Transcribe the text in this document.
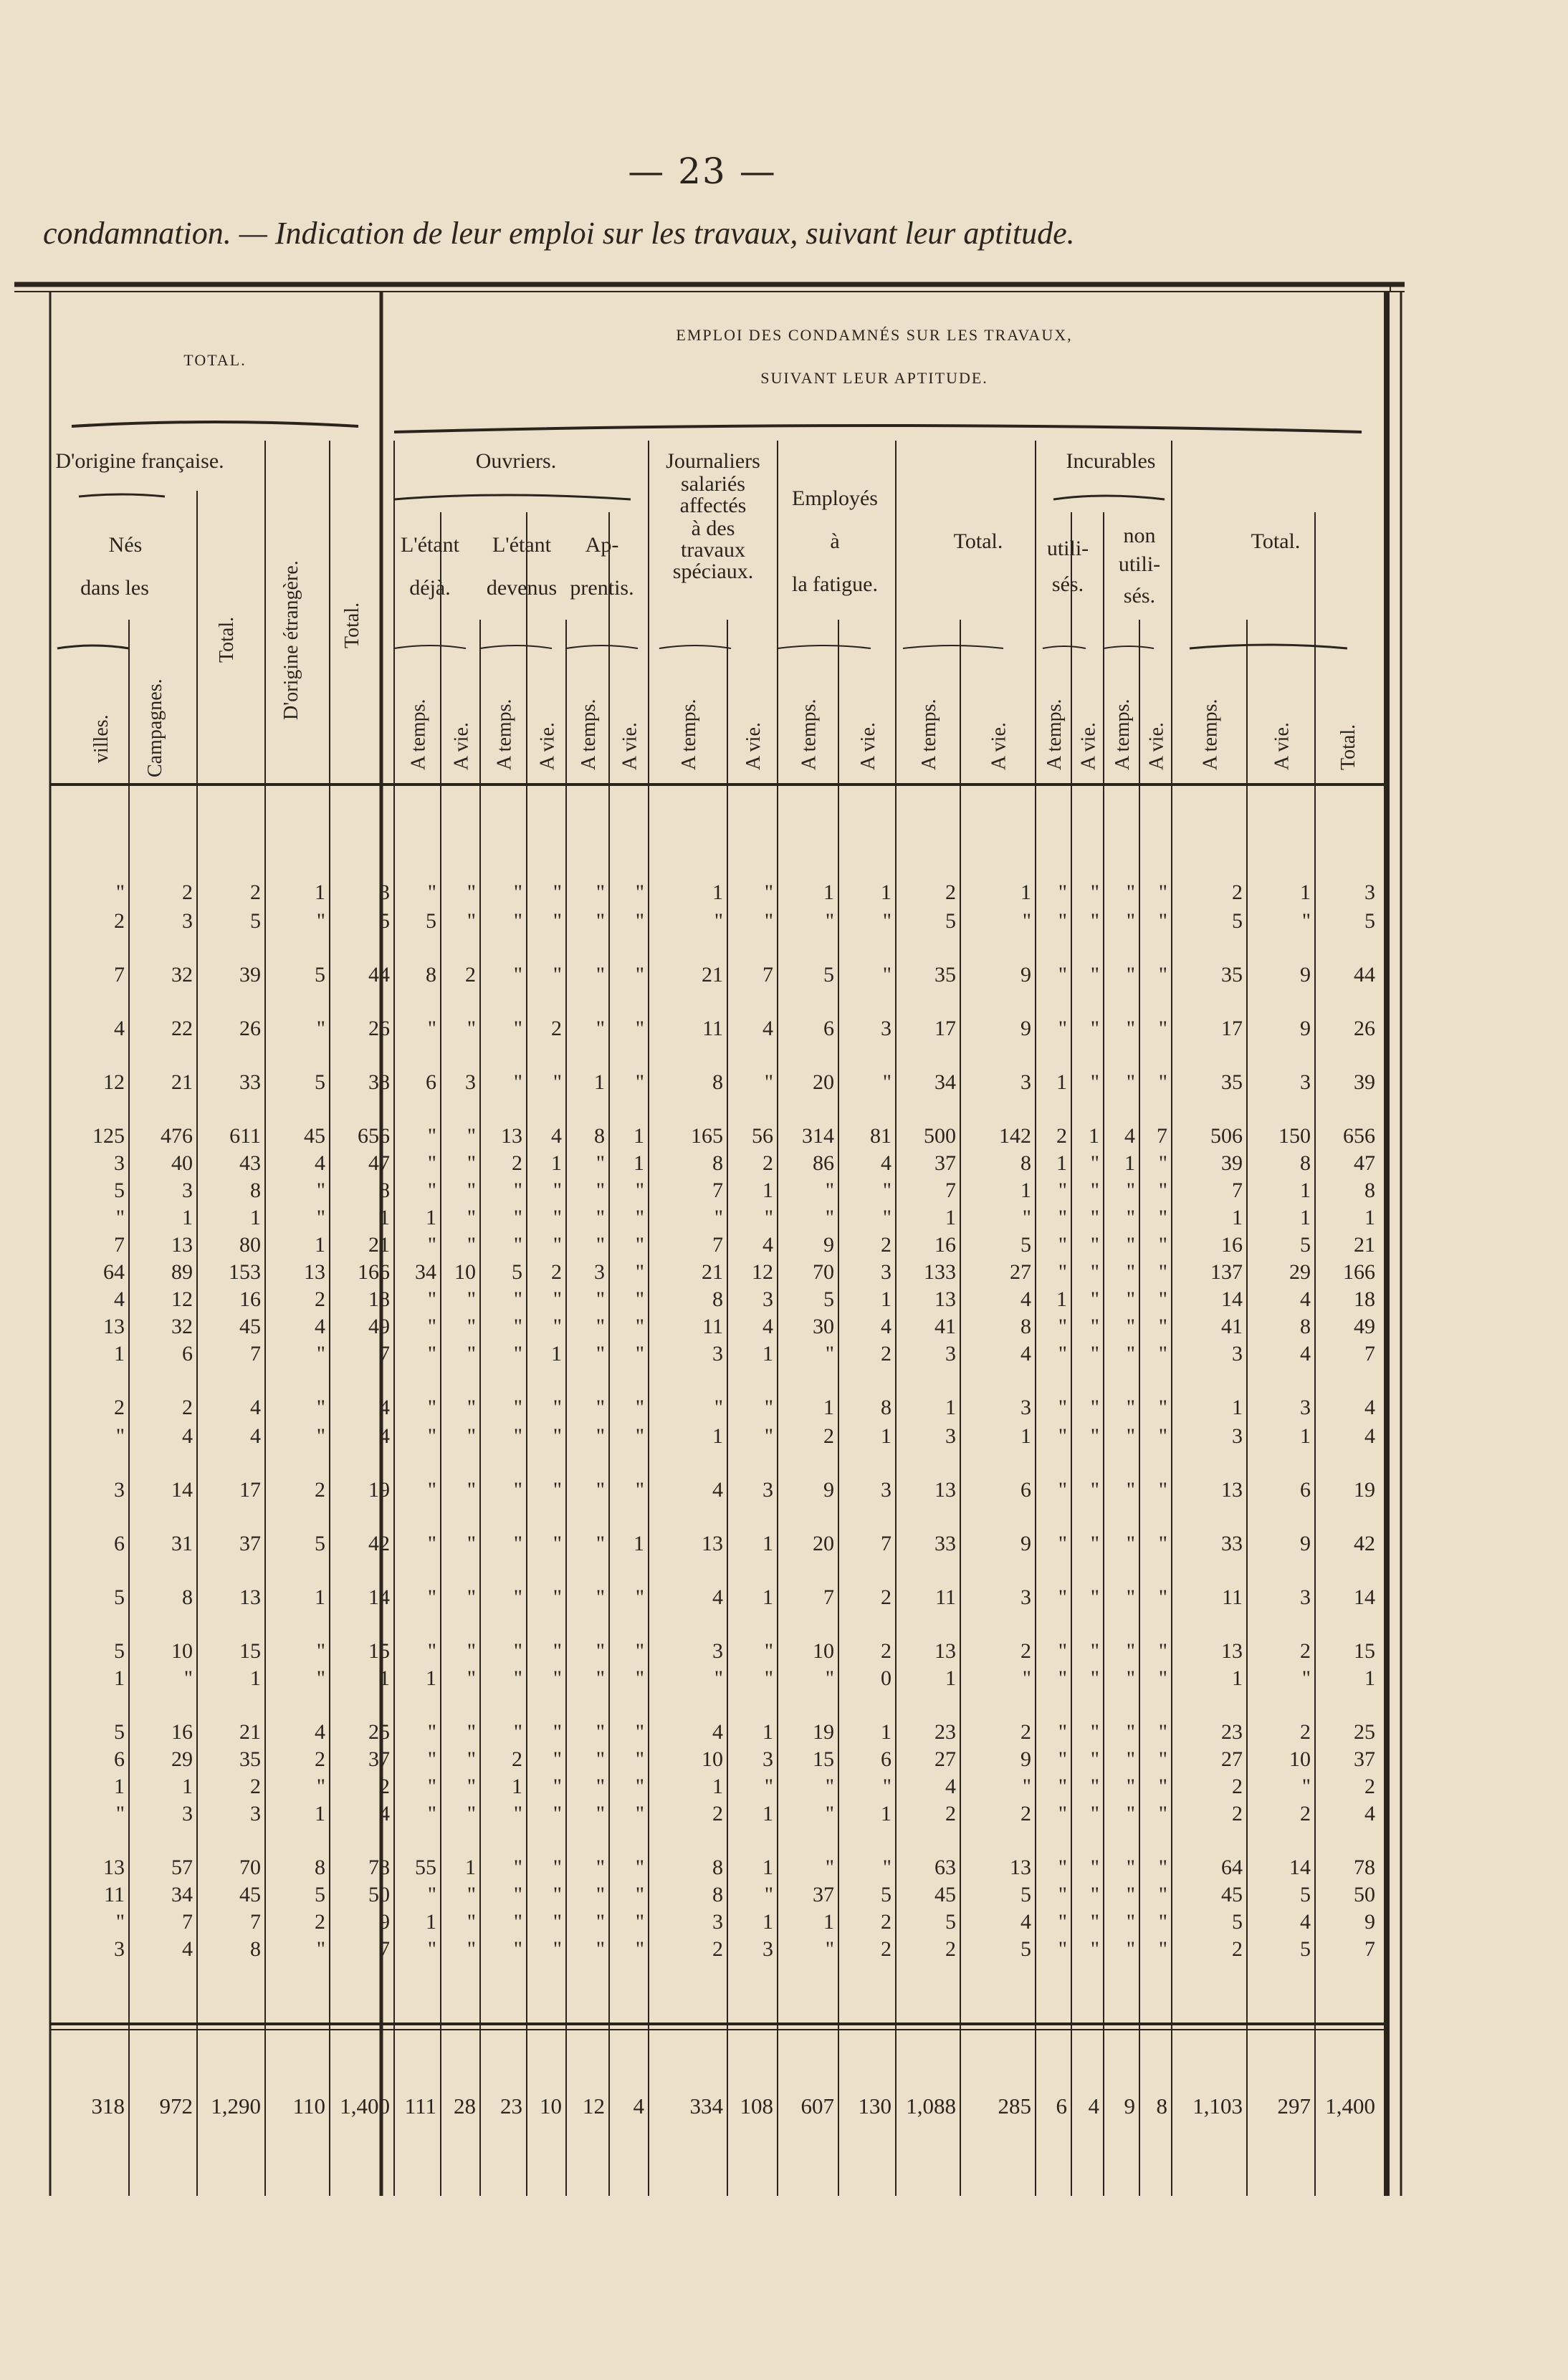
— 23 —
condamnation. — Indication de leur emploi sur les travaux, suivant leur aptitude.
TOTAL.
EMPLOI DES CONDAMNÉS SUR LES TRAVAUX,
SUIVANT LEUR APTITUDE.
D'origine française.
Nés
dans les
villes. Campagnes.
Total. D'origine étrangère. Total.
Ouvriers.
L'étant
déjà.
L'étant
devenus
Ap-
prentis.
Journaliers
salariés
affectés
à des
travaux
spéciaux.
Employés
à
la fatigue.
Total.
Incurables
utili-
sés.
non
utili-
sés.
Total.
A temps. A vie. A temps. A vie. A temps. A vie. A temps. A vie. A temps. A vie. A temps. A vie. A temps. A vie. A temps. A vie. A temps. A vie. Total.
"	2	2	1	3 " " " " " "	1 " 1 1	2	1 " " " "	2	1	3
2	3	5	"	5 5 " " " " "	" " " "	5	" " " " "	5	"	5
7 32 39	5 44 8 2 " " " "	21 7 5 " 35	9 " " " "	35	9 44
4 22 26	" 26 " " " 2 " "	11 4 6 3 17	9 " " " "	17	9 26
12 21 33	5 38 6 3 " " 1 "	8 " 20 " 34	3 1 " " "	35	3 39
125 476 611 45 656 " " 13 4 8 1 165 56 314 81 500 142 2 1 4 7 506 150 656
3 40 43	4 47 " " 2 1 " 1	8 2 86 4 37	8 1 " 1 "	39	8 47
5	3	8	"	8 " " " " " "	7 1 " "	7	1 " " " "	7	1	8
"	1	1	"	1 1 " " " " "	" " " "	1	" " " " "	1	1	1
7 13 80	1 21 " " " " " "	7 4 9 2 16	5 " " " "	16	5 21
64 89 153 13 166 34 10 5 2 3 "	21 12 70 3 133	27 " " " " 137 29 166
4 12 16	2 18 " " " " " "	8 3 5 1 13	4 1 " " "	14	4 18
13 32 45	4 49 " " " " " "	11 4 30 4 41	8 " " " "	41	8 49
1	6	7	"	7 " " " 1 " "	3 1 " 2	3	4 " " " "	3	4	7
2	2	4	"	4 " " " " " "	" " 1 8	1	3 " " " "	1	3	4
"	4	4	"	4 " " " " " "	1 " 2 1	3	1 " " " "	3	1	4
3 14 17	2 19 " " " " " "	4 3 9 3 13	6 " " " "	13	6 19
6 31 37	5 42 " " " " " 1	13 1 20 7 33	9 " " " "	33	9 42
5	8 13	1 14 " " " " " "	4 1 7 2 11	3 " " " "	11	3 14
5 10 15	" 15 " " " " " "	3 " 10 2 13	2 " " " "	13	2 15
1	"	1	"	1 1 " " " " "	" " " 0	1	" " " " "	1	"	1
5 16 21	4 25 " " " " " "	4 1 19 1 23	2 " " " "	23	2 25
6 29 35	2 37 " " 2 " " "	10 3 15 6 27	9 " " " "	27 10 37
1	1	2	"	2 " " 1 " " "	1 " " "	4	" " " " "	2	"	2
"	3	3	1	4 " " " " " "	2 1 " 1	2	2 " " " "	2	2	4
13 57 70	8 78 55 1 " " " "	8 1 " " 63	13 " " " "	64 14 78
11 34 45	5 50 " " " " " "	8 " 37 5 45	5 " " " "	45	5 50
"	7	7	2	9 1 " " " " "	3 1 1 2	5	4 " " " "	5	4	9
3	4	8	"	7 " " " " " "	2 3 " 2	2	5 " " " "	2	5	7
318 972 1,290 110 1,400 111 28 23 10 12 4 334 108 607 130 1,088 285 6 4 9 8 1,103 297 1,400
